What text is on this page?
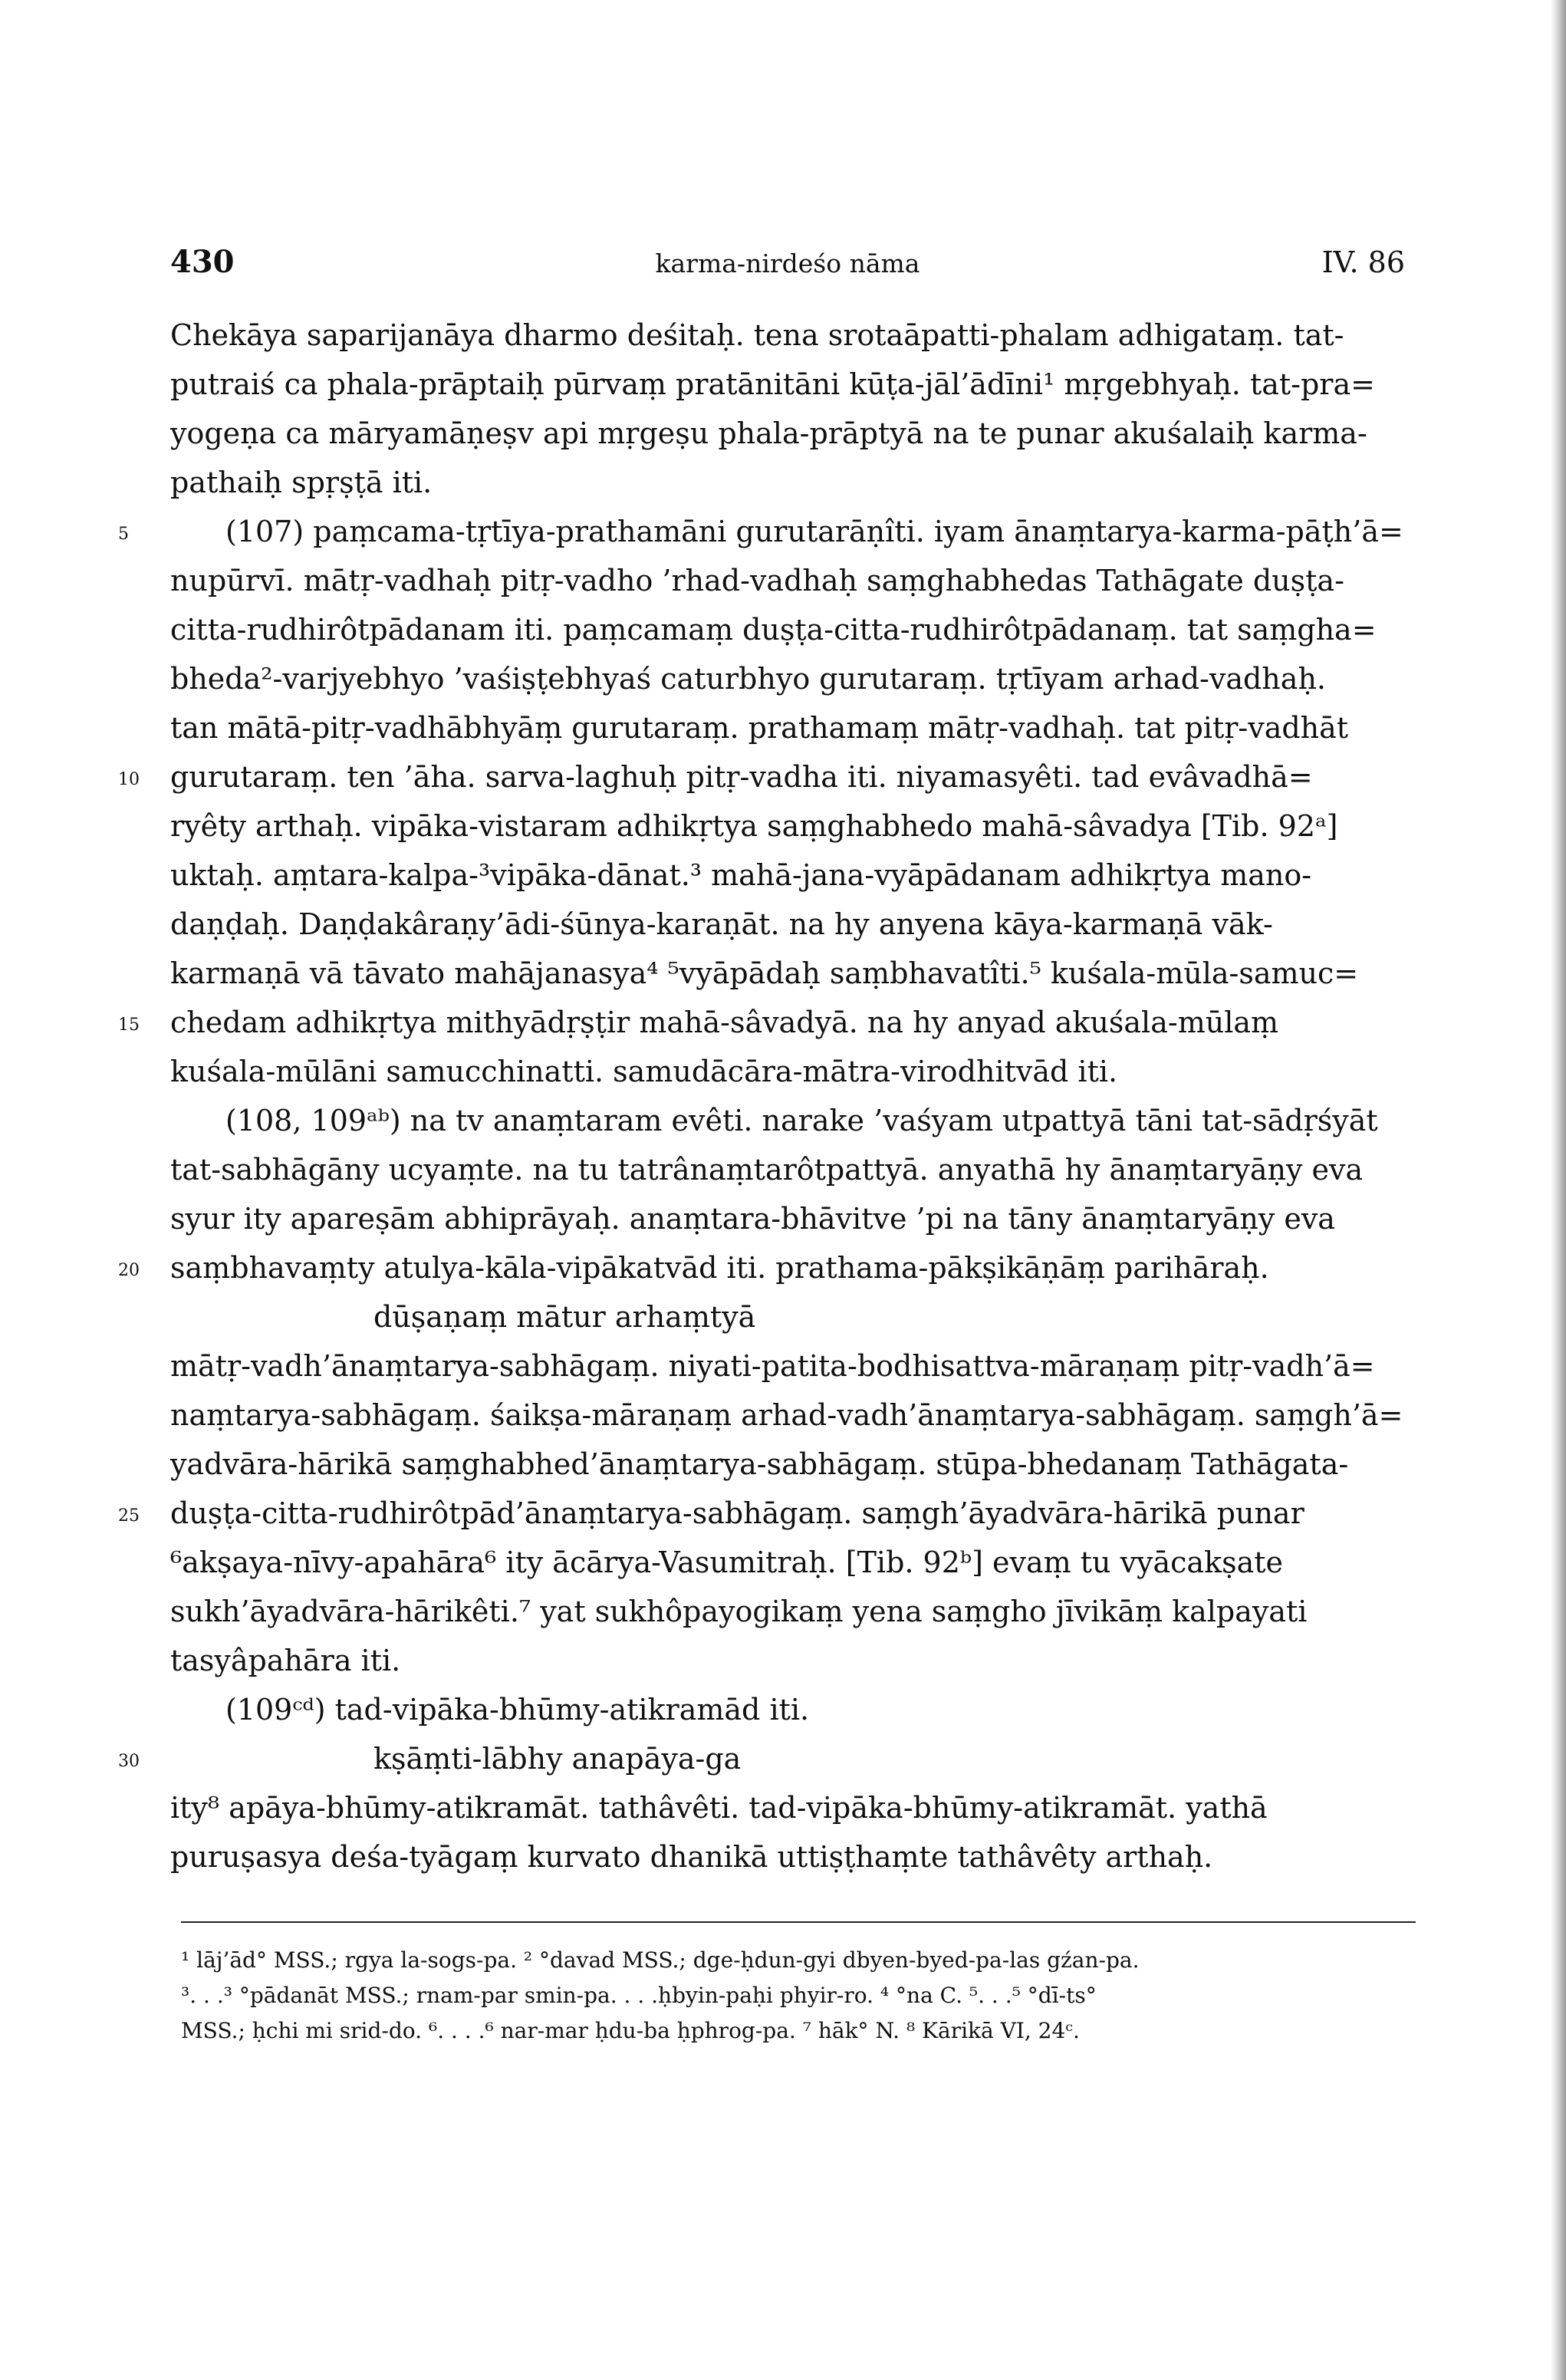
430	karma-nirdeśo nāma	IV. 86
Chekāya saparijanāya dharmo deśitaḥ. tena srotaāpatti-phalam adhigataṃ. tat-
putraiś ca phala-prāptaiḥ pūrvaṃ pratānitāni kūṭa-jāl’ādīni¹ mṛgebhyaḥ. tat-pra=
yogeṇa ca māryamāṇeṣv api mṛgeṣu phala-prāptyā na te punar akuśalaiḥ karma-
pathaiḥ spṛṣṭā iti.
5	(107) paṃcama-tṛtīya-prathamāni gurutarāṇîti. iyam ānaṃtarya-karma-pāṭh’ā=
nupūrvī. mātṛ-vadhaḥ pitṛ-vadho ’rhad-vadhaḥ saṃghabhedas Tathāgate duṣṭa-
citta-rudhirôtpādanam iti. paṃcamaṃ duṣṭa-citta-rudhirôtpādanaṃ. tat saṃgha=
bheda²-varjyebhyo ’vaśiṣṭebhyaś caturbhyo gurutaraṃ. tṛtīyam arhad-vadhaḥ.
tan mātā-pitṛ-vadhābhyāṃ gurutaraṃ. prathamaṃ mātṛ-vadhaḥ. tat pitṛ-vadhāt
10 gurutaraṃ. ten ’āha. sarva-laghuḥ pitṛ-vadha iti. niyamasyêti. tad evâvadhā=
ryêty arthaḥ. vipāka-vistaram adhikṛtya saṃghabhedo mahā-sâvadya [Tib. 92ᵃ]
uktaḥ. aṃtara-kalpa-³vipāka-dānat.³ mahā-jana-vyāpādanam adhikṛtya mano-
daṇḍaḥ. Daṇḍakâraṇy’ādi-śūnya-karaṇāt. na hy anyena kāya-karmaṇā vāk-
karmaṇā vā tāvato mahājanasya⁴ ⁵vyāpādaḥ saṃbhavatîti.⁵ kuśala-mūla-samuc=
15 chedam adhikṛtya mithyādṛṣṭir mahā-sâvadyā. na hy anyad akuśala-mūlaṃ
kuśala-mūlāni samucchinatti. samudācāra-mātra-virodhitvād iti.
(108, 109ᵃᵇ) na tv anaṃtaram evêti. narake ’vaśyam utpattyā tāni tat-sādṛśyāt
tat-sabhāgāny ucyaṃte. na tu tatrânaṃtarôtpattyā. anyathā hy ānaṃtaryāṇy eva
syur ity apareṣām abhiprāyaḥ. anaṃtara-bhāvitve ’pi na tāny ānaṃtaryāṇy eva
20 saṃbhavaṃty atulya-kāla-vipākatvād iti. prathama-pākṣikāṇāṃ parihāraḥ.
dūṣaṇaṃ mātur arhaṃtyā
mātṛ-vadh’ānaṃtarya-sabhāgaṃ. niyati-patita-bodhisattva-māraṇaṃ pitṛ-vadh’ā=
naṃtarya-sabhāgaṃ. śaikṣa-māraṇaṃ arhad-vadh’ānaṃtarya-sabhāgaṃ. saṃgh’ā=
yadvāra-hārikā saṃghabhed’ānaṃtarya-sabhāgaṃ. stūpa-bhedanaṃ Tathāgata-
25 duṣṭa-citta-rudhirôtpād’ānaṃtarya-sabhāgaṃ. saṃgh’āyadvāra-hārikā punar
⁶akṣaya-nīvy-apahāra⁶ ity ācārya-Vasumitraḥ. [Tib. 92ᵇ] evaṃ tu vyācakṣate
sukh’āyadvāra-hārikêti.⁷ yat sukhôpayogikaṃ yena saṃgho jīvikāṃ kalpayati
tasyâpahāra iti.
(109ᶜᵈ) tad-vipāka-bhūmy-atikramād iti.
30	kṣāṃti-lābhy anapāya-ga
ity⁸ apāya-bhūmy-atikramāt. tathâvêti. tad-vipāka-bhūmy-atikramāt. yathā
puruṣasya deśa-tyāgaṃ kurvato dhanikā uttiṣṭhaṃte tathâvêty arthaḥ.
¹ lāj’ād° MSS.; rgya la-sogs-pa. ² °davad MSS.; dge-ḥdun-gyi dbyen-byed-pa-las gźan-pa.
³. . .³ °pādanāt MSS.; rnam-par smin-pa. . . .ḥbyin-paḥi phyir-ro. ⁴ °na C. ⁵. . .⁵ °dī-ts°
MSS.; ḥchi mi srid-do. ⁶. . . .⁶ nar-mar ḥdu-ba ḥphrog-pa. ⁷ hāk° N. ⁸ Kārikā VI, 24ᶜ.
